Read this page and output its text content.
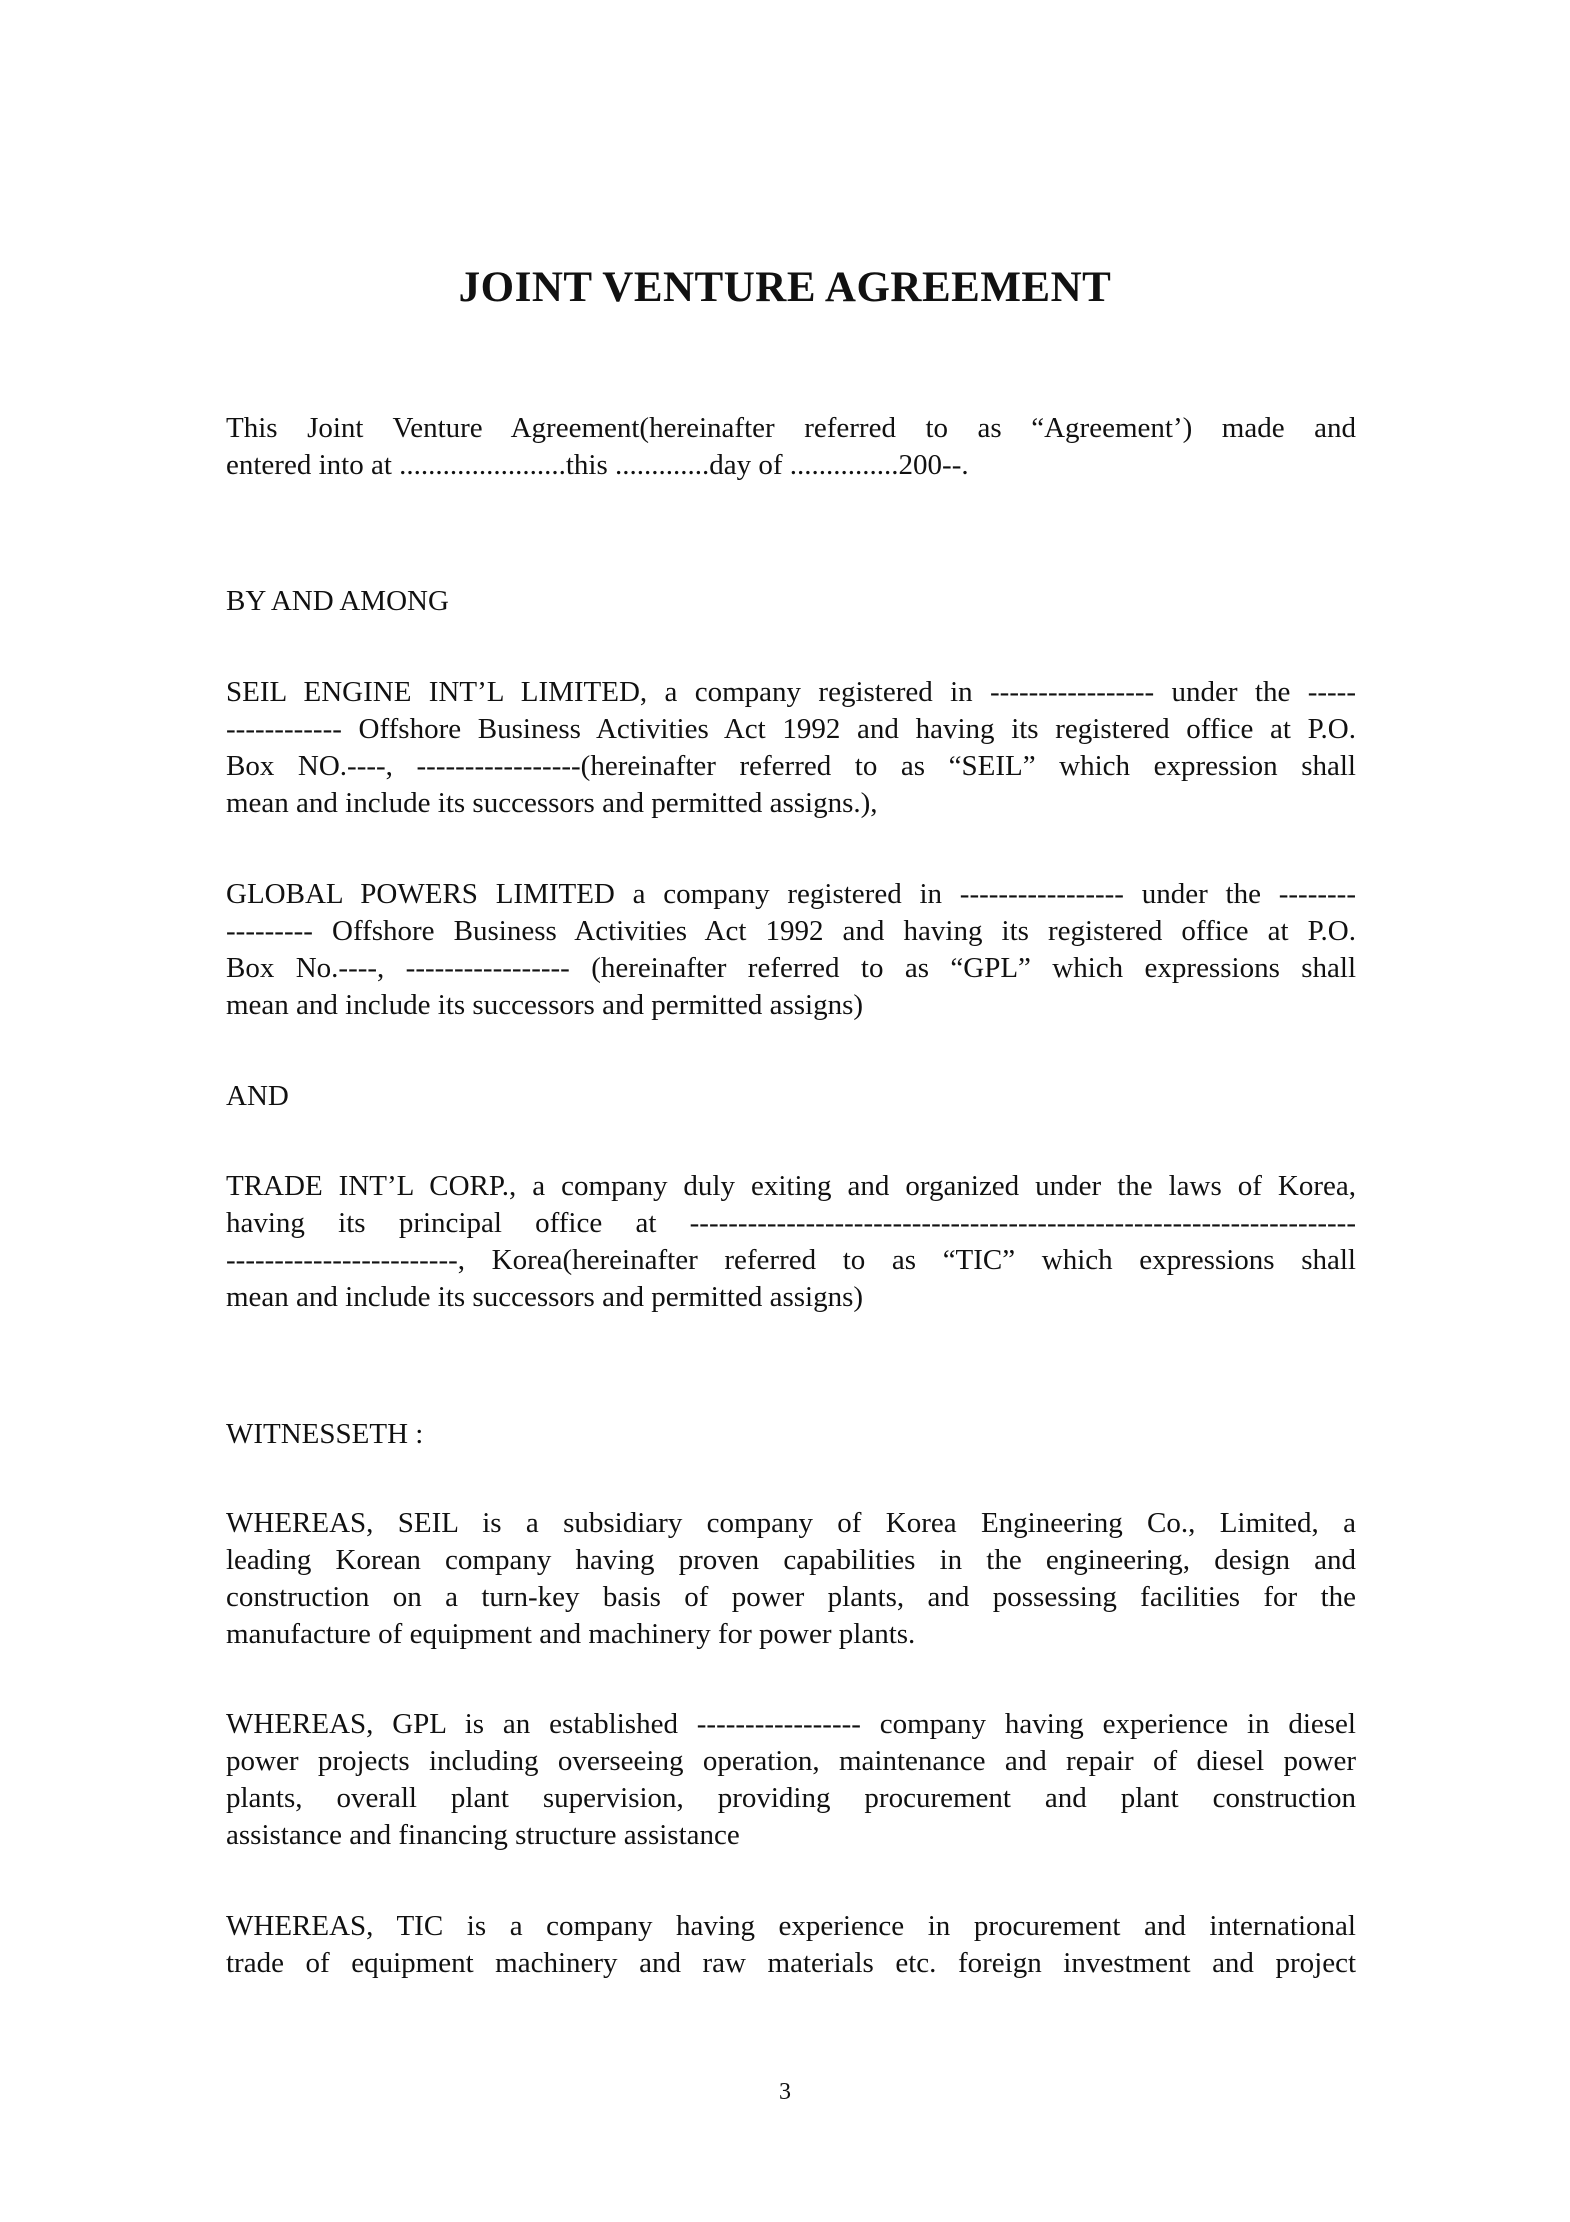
JOINT VENTURE AGREEMENT
This Joint Venture Agreement(hereinafter referred to as “Agreement’) made and
entered into at .......................this .............day of ...............200--.
BY AND AMONG
SEIL ENGINE INT’L LIMITED, a company registered in ----------------- under the -----
------------ Offshore Business Activities Act 1992 and having its registered office at P.O.
Box NO.----, -----------------(hereinafter referred to as “SEIL” which expression shall
mean and include its successors and permitted assigns.),
GLOBAL POWERS LIMITED a company registered in ----------------- under the --------
--------- Offshore Business Activities Act 1992 and having its registered office at P.O.
Box No.----, ----------------- (hereinafter referred to as “GPL” which expressions shall
mean and include its successors and permitted assigns)
AND
TRADE INT’L CORP., a company duly exiting and organized under the laws of Korea,
having its principal office at ---------------------------------------------------------------------
------------------------, Korea(hereinafter referred to as “TIC” which expressions shall
mean and include its successors and permitted assigns)
WITNESSETH :
WHEREAS, SEIL is a subsidiary company of Korea Engineering Co., Limited, a
leading Korean company having proven capabilities in the engineering, design and
construction on a turn-key basis of power plants, and possessing facilities for the
manufacture of equipment and machinery for power plants.
WHEREAS, GPL is an established ----------------- company having experience in diesel
power projects including overseeing operation, maintenance and repair of diesel power
plants, overall plant supervision, providing procurement and plant construction
assistance and financing structure assistance
WHEREAS, TIC is a company having experience in procurement and international
trade of equipment machinery and raw materials etc. foreign investment and project
3
